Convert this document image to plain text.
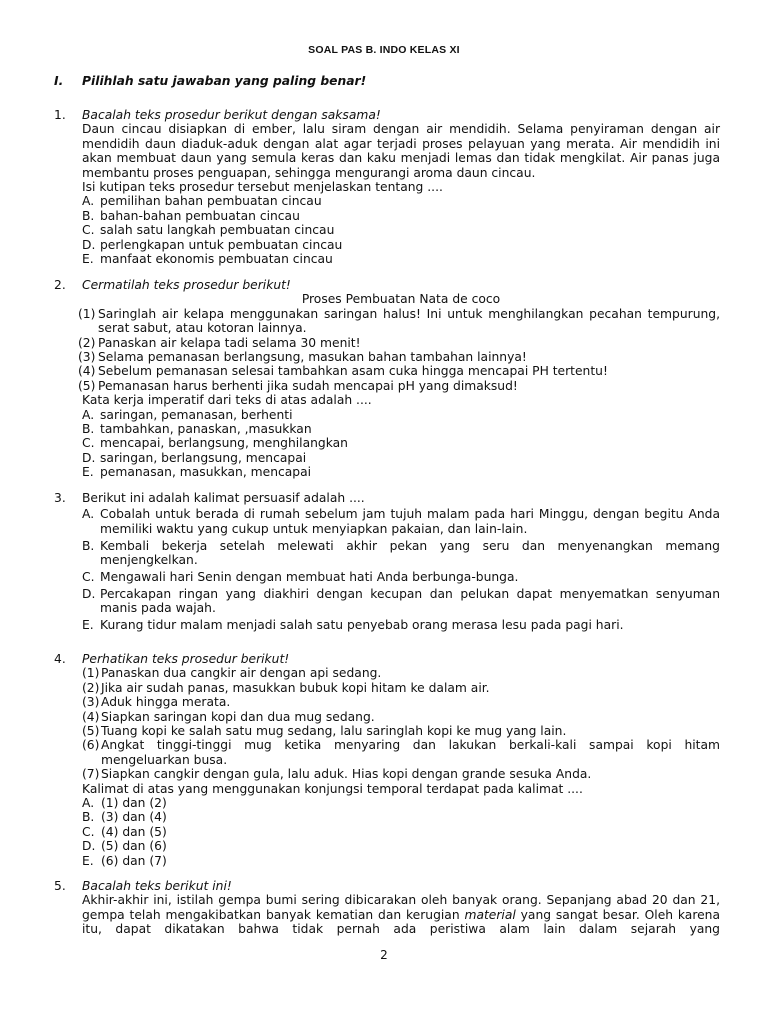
SOAL PAS B. INDO KELAS XI
I. Pilihlah satu jawaban yang paling benar!
1. Bacalah teks prosedur berikut dengan saksama!
Daun cincau disiapkan di ember, lalu siram dengan air mendidih. Selama penyiraman dengan air mendidih daun diaduk-aduk dengan alat agar terjadi proses pelayuan yang merata. Air mendidih ini akan membuat daun yang semula keras dan kaku menjadi lemas dan tidak mengkilat. Air panas juga membantu proses penguapan, sehingga mengurangi aroma daun cincau.
Isi kutipan teks prosedur tersebut menjelaskan tentang ....
A. pemilihan bahan pembuatan cincau
B. bahan-bahan pembuatan cincau
C. salah satu langkah pembuatan cincau
D. perlengkapan untuk pembuatan cincau
E. manfaat ekonomis pembuatan cincau
2. Cermatilah teks prosedur berikut!
Proses Pembuatan Nata de coco
(1) Saringlah air kelapa menggunakan saringan halus! Ini untuk menghilangkan pecahan tempurung, serat sabut, atau kotoran lainnya.
(2) Panaskan air kelapa tadi selama 30 menit!
(3) Selama pemanasan berlangsung, masukan bahan tambahan lainnya!
(4) Sebelum pemanasan selesai tambahkan asam cuka hingga mencapai PH tertentu!
(5) Pemanasan harus berhenti jika sudah mencapai pH yang dimaksud!
Kata kerja imperatif dari teks di atas adalah ....
A. saringan, pemanasan, berhenti
B. tambahkan, panaskan, ,masukkan
C. mencapai, berlangsung, menghilangkan
D. saringan, berlangsung, mencapai
E. pemanasan, masukkan, mencapai
3. Berikut ini adalah kalimat persuasif adalah ....
A. Cobalah untuk berada di rumah sebelum jam tujuh malam pada hari Minggu, dengan begitu Anda memiliki waktu yang cukup untuk menyiapkan pakaian, dan lain-lain.
B. Kembali bekerja setelah melewati akhir pekan yang seru dan menyenangkan memang menjengkelkan.
C. Mengawali hari Senin dengan membuat hati Anda berbunga-bunga.
D. Percakapan ringan yang diakhiri dengan kecupan dan pelukan dapat menyematkan senyuman manis pada wajah.
E. Kurang tidur malam menjadi salah satu penyebab orang merasa lesu pada pagi hari.
4. Perhatikan teks prosedur berikut!
(1) Panaskan dua cangkir air dengan api sedang.
(2) Jika air sudah panas, masukkan bubuk kopi hitam ke dalam air.
(3) Aduk hingga merata.
(4) Siapkan saringan kopi dan dua mug sedang.
(5) Tuang kopi ke salah satu mug sedang, lalu saringlah kopi ke mug yang lain.
(6) Angkat tinggi-tinggi mug ketika menyaring dan lakukan berkali-kali sampai kopi hitam mengeluarkan busa.
(7) Siapkan cangkir dengan gula, lalu aduk. Hias kopi dengan grande sesuka Anda.
Kalimat di atas yang menggunakan konjungsi temporal terdapat pada kalimat ....
A. (1) dan (2)
B. (3) dan (4)
C. (4) dan (5)
D. (5) dan (6)
E. (6) dan (7)
5. Bacalah teks berikut ini!
Akhir-akhir ini, istilah gempa bumi sering dibicarakan oleh banyak orang. Sepanjang abad 20 dan 21, gempa telah mengakibatkan banyak kematian dan kerugian material yang sangat besar. Oleh karena itu, dapat dikatakan bahwa tidak pernah ada peristiwa alam lain dalam sejarah yang
2
